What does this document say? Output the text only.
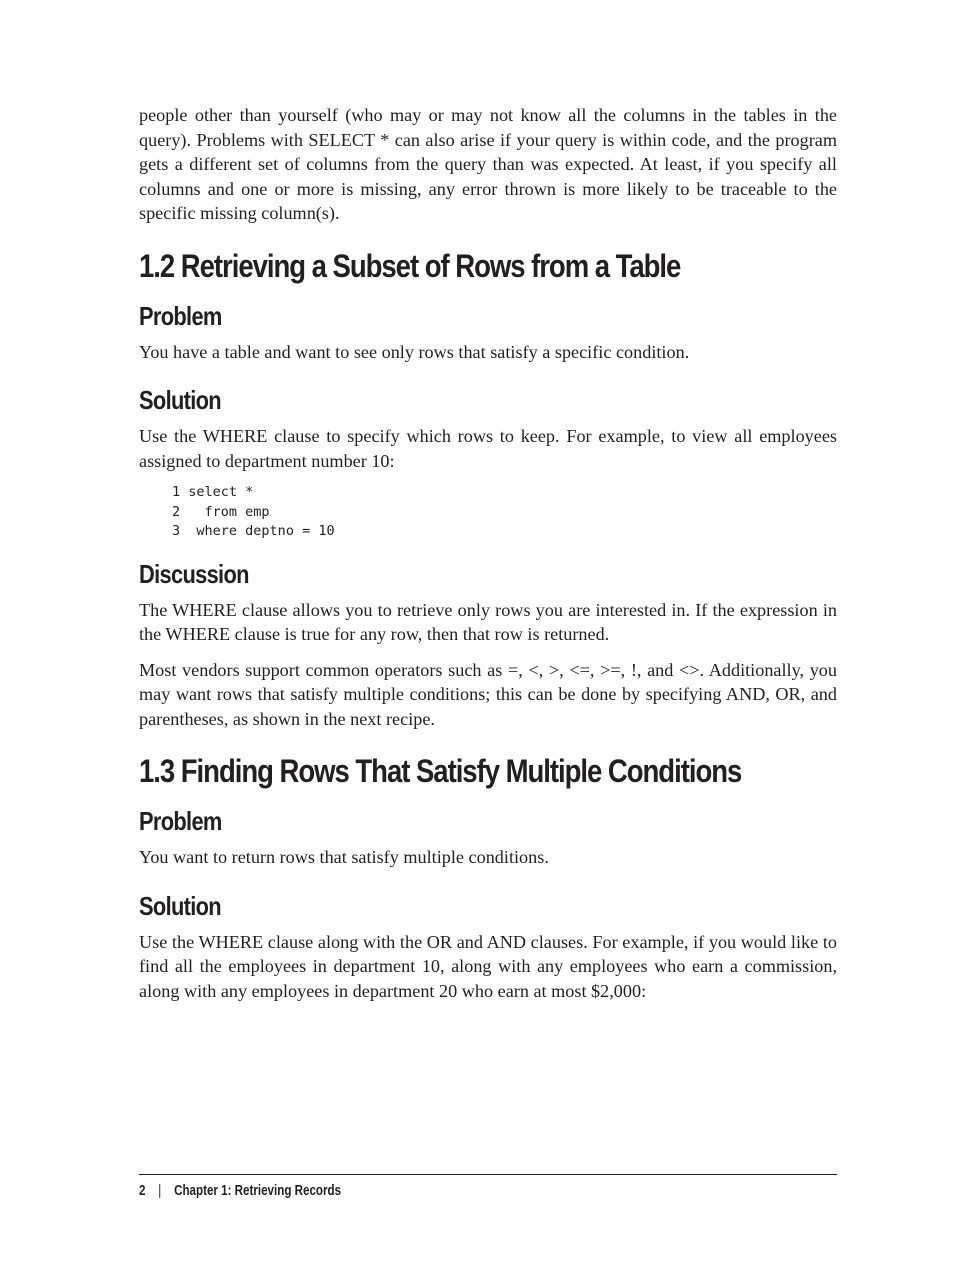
people other than yourself (who may or may not know all the columns in the tables in the query). Problems with SELECT * can also arise if your query is within code, and the program gets a different set of columns from the query than was expected. At least, if you specify all columns and one or more is missing, any error thrown is more likely to be traceable to the specific missing column(s).

1.2 Retrieving a Subset of Rows from a Table
Problem

You have a table and want to see only rows that satisfy a specific condition.

Solution

Use the WHERE clause to specify which rows to keep. For example, to view all employees assigned to department number 10:

1 select *
2   from emp
3  where deptno = 10
Discussion

The WHERE clause allows you to retrieve only rows you are interested in. If the expression in the WHERE clause is true for any row, then that row is returned.

Most vendors support common operators such as =, <, >, <=, >=, !, and <>. Additionally, you may want rows that satisfy multiple conditions; this can be done by specifying AND, OR, and parentheses, as shown in the next recipe.

1.3 Finding Rows That Satisfy Multiple Conditions
Problem

You want to return rows that satisfy multiple conditions.

Solution

Use the WHERE clause along with the OR and AND clauses. For example, if you would like to find all the employees in department 10, along with any employees who earn a commission, along with any employees in department 20 who earn at most $2,000:

2 | Chapter 1: Retrieving Records
